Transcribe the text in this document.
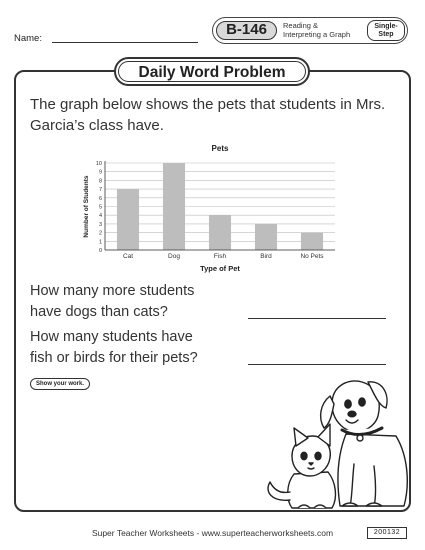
Name:
B-146	Reading &
Interpreting a Graph
Single-
Step
Daily Word Problem
The graph below shows the pets that students in Mrs. Garcia’s class have.
Pets
0
1
2
3
4
5
6
7
8
9
10
Cat	Dog	Fish	Bird	No Pets
Type of Pet
Number of Students
How many more students
have dogs than cats?
How many students have
fish or birds for their pets?
Show your work.
Super Teacher Worksheets - www.superteacherworksheets.com	200132
